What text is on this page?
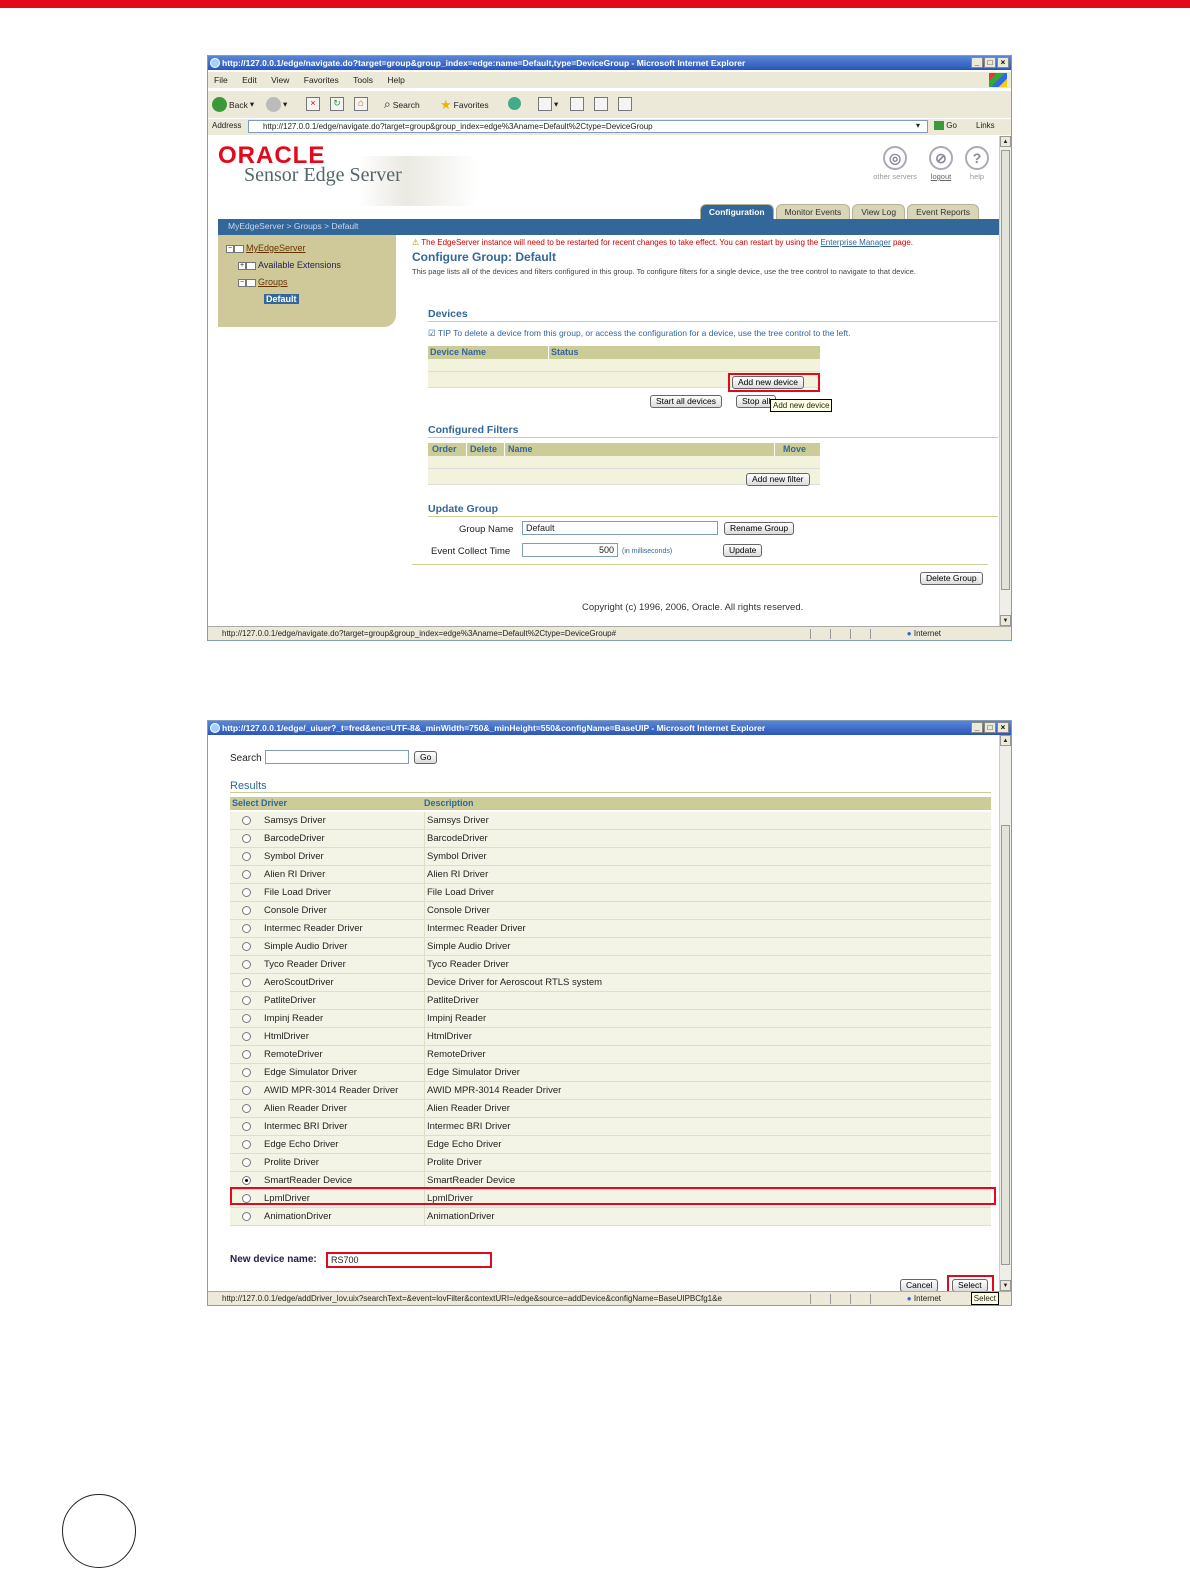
http://127.0.0.1/edge/navigate.do?target=group&group_index=edge:name=Default,type=DeviceGroup - Microsoft Internet Explorer	_	□	×
File Edit View Favorites Tools Help
Back ▾	▾	×	↻	⌂	⌕ Search ★ Favorites	▾
Address	http://127.0.0.1/edge/navigate.do?target=group&group_index=edge%3Aname=Default%2Ctype=DeviceGroup	▾	Go Links
ORACLE
Sensor Edge Server
◎
other servers
⊘
logout
?
help
Configuration	Monitor Events	View Log	Event Reports
MyEdgeServer > Groups > Default
− MyEdgeServer
+ Available Extensions
− Groups
Default
⚠ The EdgeServer instance will need to be restarted for recent changes to take effect. You can restart by using the Enterprise Manager page.
Configure Group: Default
This page lists all of the devices and filters configured in this group. To configure filters for a single device, use the tree control to navigate to that device.
Devices
☑ TIP To delete a device from this group, or access the configuration for a device, use the tree control to the left.
Device Name	Status
Add new device
Start all devices	Stop all Add new device
Configured Filters
Order	Delete	Name	Move
Add new filter
Update Group
Group Name	Default	Rename Group
Event Collect Time	500	(in milliseconds)	Update
Delete Group
Copyright (c) 1996, 2006, Oracle. All rights reserved.
▲
▼
http://127.0.0.1/edge/navigate.do?target=group&group_index=edge%3Aname=Default%2Ctype=DeviceGroup#	● Internet
http://127.0.0.1/edge/_uiuer?_t=fred&enc=UTF-8&_minWidth=750&_minHeight=550&configName=BaseUIP - Microsoft Internet Explorer	_	□	×
Search	Go
Results
Select Driver	Description
Samsys Driver	Samsys Driver
BarcodeDriver	BarcodeDriver
Symbol Driver	Symbol Driver
Alien RI Driver	Alien RI Driver
File Load Driver	File Load Driver
Console Driver	Console Driver
Intermec Reader Driver	Intermec Reader Driver
Simple Audio Driver	Simple Audio Driver
Tyco Reader Driver	Tyco Reader Driver
AeroScoutDriver	Device Driver for Aeroscout RTLS system
PatliteDriver	PatliteDriver
Impinj Reader	Impinj Reader
HtmlDriver	HtmlDriver
RemoteDriver	RemoteDriver
Edge Simulator Driver	Edge Simulator Driver
AWID MPR-3014 Reader Driver	AWID MPR-3014 Reader Driver
Alien Reader Driver	Alien Reader Driver
Intermec BRI Driver	Intermec BRI Driver
Edge Echo Driver	Edge Echo Driver
Prolite Driver	Prolite Driver
SmartReader Device	SmartReader Device
LpmlDriver	LpmlDriver
AnimationDriver	AnimationDriver
New device name:	RS700
Cancel	Select
▲
▼
http://127.0.0.1/edge/addDriver_lov.uix?searchText=&event=lovFilter&contextURI=/edge&source=addDevice&configName=BaseUIPBCfg1&e	● Internet	Select
